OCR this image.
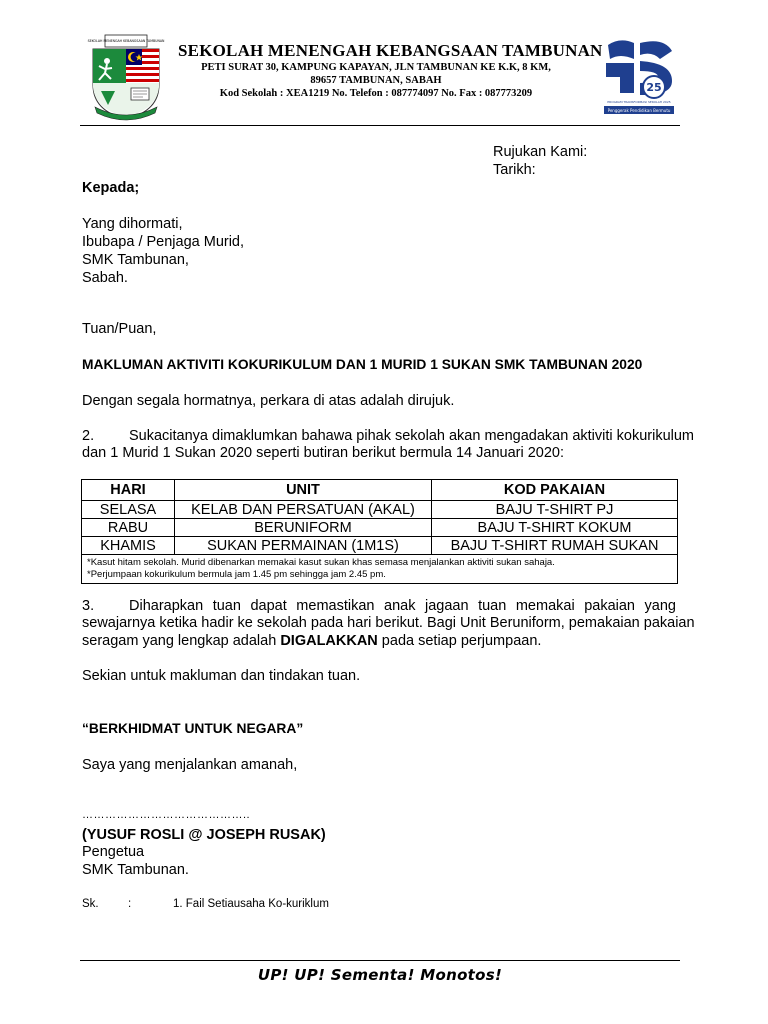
SEKOLAH MENENGAH KEBANGSAAN TAMBUNAN SEKOLAH MENENGAH KEBANGSAAN TAMBUNAN
PETI SURAT 30, KAMPUNG KAPAYAN, JLN TAMBUNAN KE K.K, 8 KM,
89657 TAMBUNAN, SABAH
Kod Sekolah : XEA1219 No. Telefon : 087774097 No. Fax : 087773209	25
PROGRAM TRANSFORMASI SEKOLAH 2025
Penggerak Pendidikan Bermutu
Rujukan Kami:
Tarikh:
Kepada;
Yang dihormati,
Ibubapa / Penjaga Murid,
SMK Tambunan,
Sabah.
Tuan/Puan,
MAKLUMAN AKTIVITI KOKURIKULUM DAN 1 MURID 1 SUKAN SMK TAMBUNAN 2020
Dengan segala hormatnya, perkara di atas adalah dirujuk.
2. Sukacitanya dimaklumkan bahawa pihak sekolah akan mengadakan aktiviti kokurikulum
dan 1 Murid 1 Sukan 2020 seperti butiran berikut bermula 14 Januari 2020:
HARI	UNIT	KOD PAKAIAN
SELASA	KELAB DAN PERSATUAN (AKAL)	BAJU T-SHIRT PJ
RABU	BERUNIFORM	BAJU T-SHIRT KOKUM
KHAMIS	SUKAN PERMAINAN (1M1S)	BAJU T-SHIRT RUMAH SUKAN

*Kasut hitam sekolah. Murid dibenarkan memakai kasut sukan khas semasa menjalankan aktiviti sukan sahaja.
*Perjumpaan kokurikulum bermula jam 1.45 pm sehingga jam 2.45 pm.		
3. Diharapkan tuan dapat memastikan anak jagaan tuan memakai pakaian yang
sewajarnya ketika hadir ke sekolah pada hari berikut. Bagi Unit Beruniform, pemakaian pakaian
seragam yang lengkap adalah DIGALAKKAN pada setiap perjumpaan.
Sekian untuk makluman dan tindakan tuan.
“BERKHIDMAT UNTUK NEGARA”
Saya yang menjalankan amanah,
……………………………………..
(YUSUF ROSLI @ JOSEPH RUSAK)
Pengetua
SMK Tambunan.
Sk.	:	1. Fail Setiausaha Ko-kuriklum
UP! UP! Sementa! Monotos!
